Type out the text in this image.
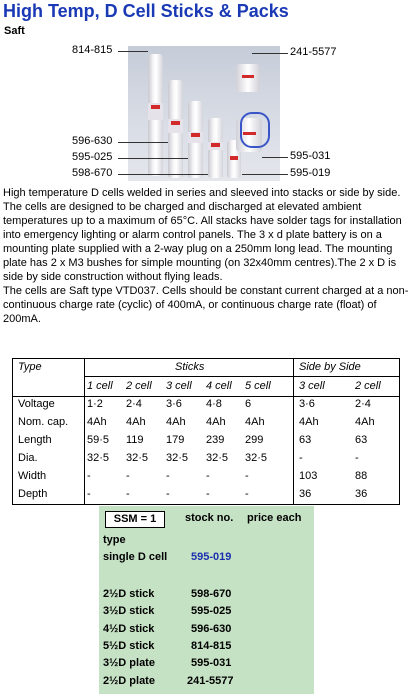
High Temp, D Cell Sticks & Packs
Saft
814-815	241-5577
596-630
595-025
598-670
595-031
595-019

High temperature D cells welded in series and sleeved into stacks or side by side. The cells are designed to be charged and discharged at elevated ambient temperatures up to a maximum of 65°C. All stacks have solder tags for installation into emergency lighting or alarm control panels. The 3 x d plate battery is on a mounting plate supplied with a 2-way plug on a 250mm long lead. The mounting plate has 2 x M3 bushes for simple mounting (on 32x40mm centres).The 2 x D is side by side construction without flying leads.

The cells are Saft type VTD037. Cells should be constant current charged at a non-continuous charge rate (cyclic) of 400mA, or continuous charge rate (float) of 200mA.

Type	Sticks	Side by Side
1 cell 2 cell 3 cell 4 cell 5 cell	3 cell	2 cell
Voltage	1·2 2·4 3·6 4·8 6	3·6	2·4
Nom. cap. 4Ah 4Ah 4Ah 4Ah 4Ah	4Ah	4Ah
Length	59·5 119 179 239 299	63	63
Dia.	32·5 32·5 32·5 32·5 32·5	-	-
Width	-	-	-	-	-	103	88
Depth	-	-	-	-	-	36	36
SSM = 1	stock no. price each
type
single D cell 595-019
2½D stick	598-670
3½D stick	595-025
4½D stick	596-630
5½D stick	814-815
3½D plate	595-031
2½D plate	241-5577
